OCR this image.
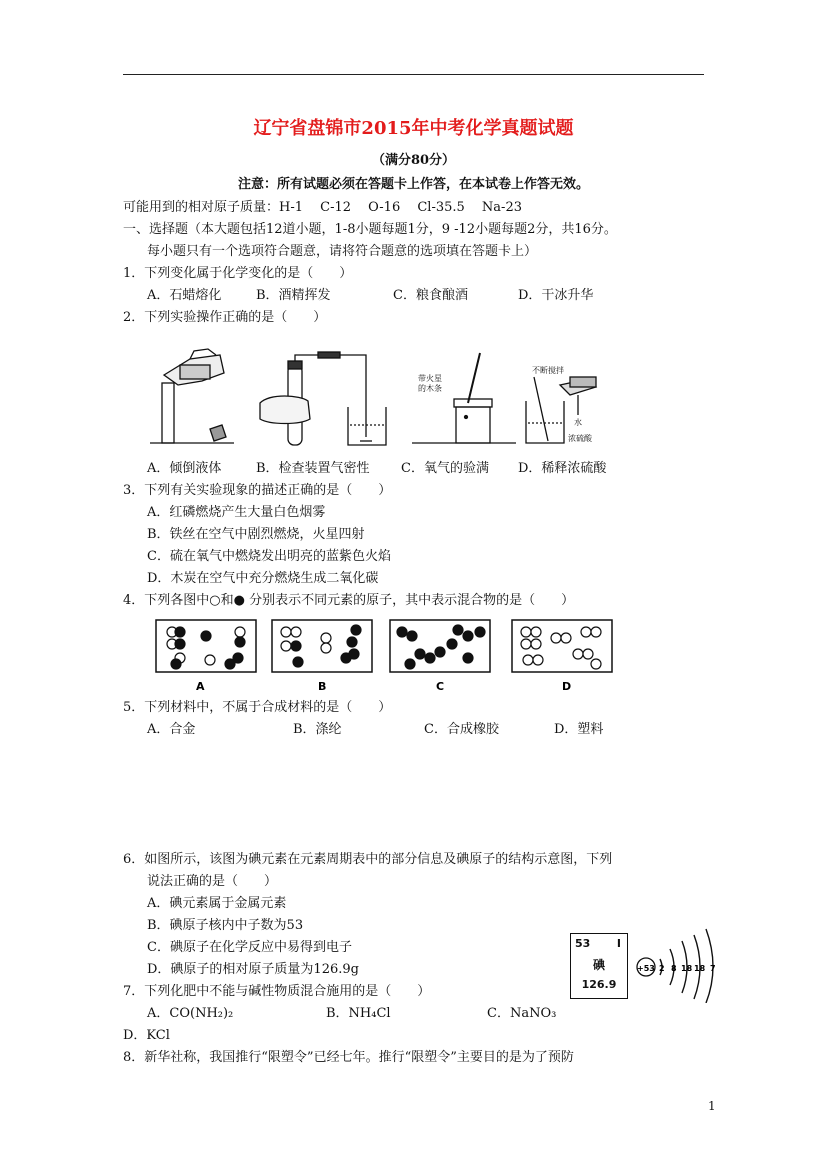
辽宁省盘锦市2015年中考化学真题试题
（满分80分）
注意：所有试题必须在答题卡上作答，在本试卷上作答无效。
可能用到的相对原子质量：H-1　 C-12　 O-16　 Cl-35.5　 Na-23
一、选择题（本大题包括12道小题，1-8小题每题1分，9 -12小题每题2分，共16分。
每小题只有一个选项符合题意，请将符合题意的选项填在答题卡上）
1．下列变化属于化学变化的是（　　）
A．石蜡熔化	B．酒精挥发	C．粮食酿酒	D．干冰升华
2．下列实验操作正确的是（　　）
带火星
的木条
不断搅拌
水
浓硫酸
A．倾倒液体	B．检查装置气密性 C．氧气的验满 D．稀释浓硫酸
3．下列有关实验现象的描述正确的是（　　）
A．红磷燃烧产生大量白色烟雾
B．铁丝在空气中剧烈燃烧，火星四射
C．硫在氧气中燃烧发出明亮的蓝紫色火焰
D．木炭在空气中充分燃烧生成二氧化碳
4．下列各图中○和● 分别表示不同元素的原子，其中表示混合物的是（　　）
A	B	C	D
5．下列材料中，不属于合成材料的是（　　）
A．合金	B．涤纶	C．合成橡胶	D．塑料
6．如图所示，该图为碘元素在元素周期表中的部分信息及碘原子的结构示意图，下列
说法正确的是（　　）
A．碘元素属于金属元素
B．碘原子核内中子数为53
C．碘原子在化学反应中易得到电子
D．碘原子的相对原子质量为126.9g
53 I
碘
126.9
+53 2 8 18 18 7
7．下列化肥中不能与碱性物质混合施用的是（　　）
A．CO(NH₂)₂	B．NH₄Cl	C．NaNO₃
D．KCl
8．新华社称，我国推行“限塑令”已经七年。推行“限塑令”主要目的是为了预防
1
